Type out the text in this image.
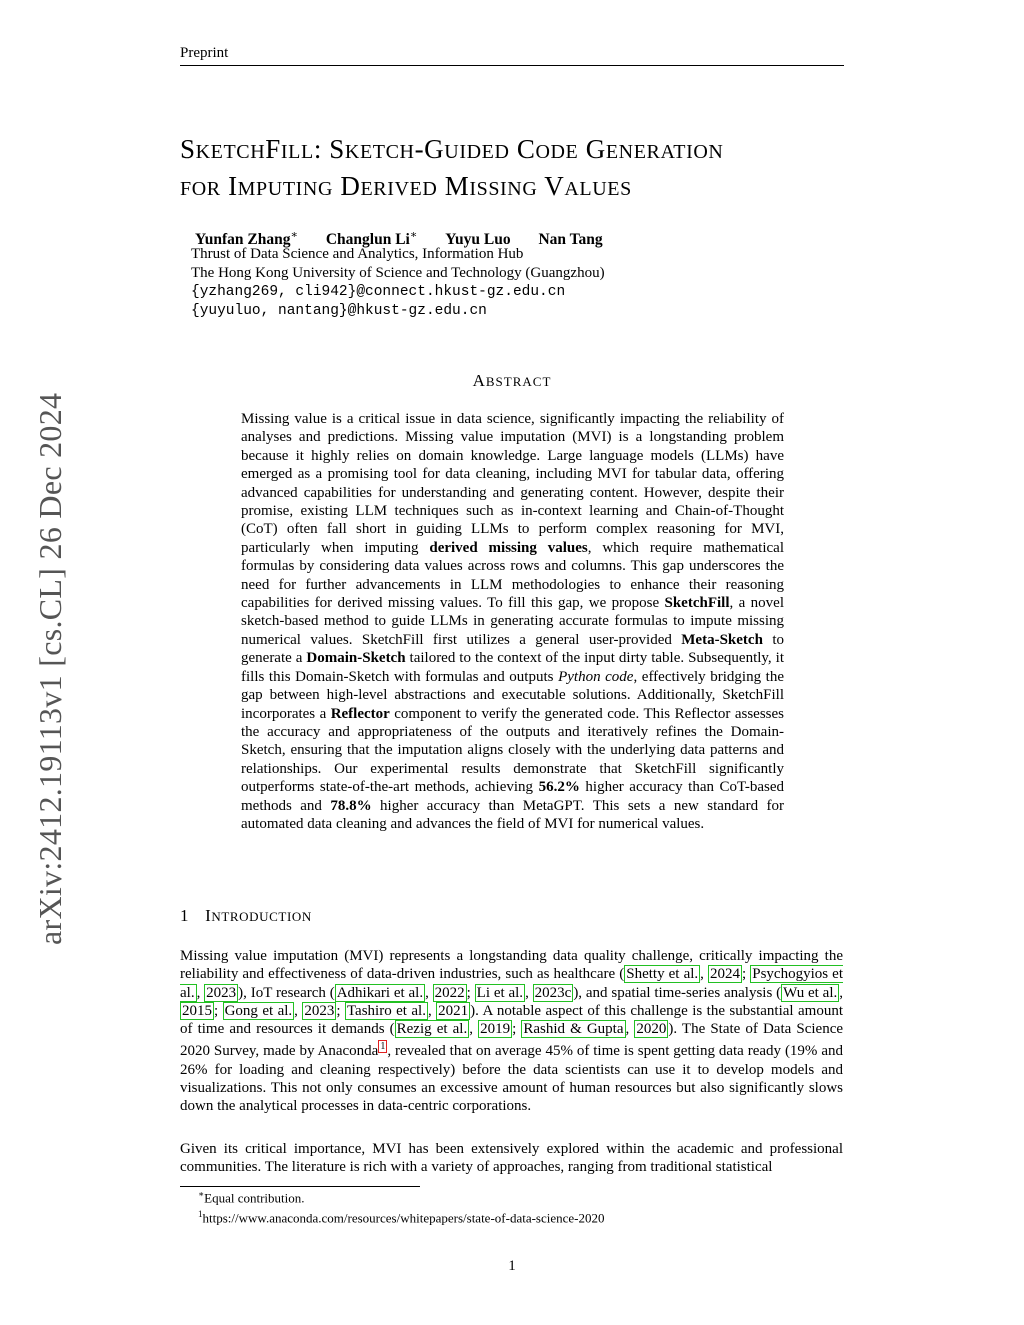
Preprint
arXiv:2412.19113v1 [cs.CL] 26 Dec 2024
SKETCHFILL: SKETCH-GUIDED CODE GENERATION
FOR IMPUTING DERIVED MISSING VALUES
Yunfan Zhang∗ Changlun Li∗ Yuyu Luo Nan Tang
Thrust of Data Science and Analytics, Information Hub
The Hong Kong University of Science and Technology (Guangzhou)
{yzhang269, cli942}@connect.hkust-gz.edu.cn
{yuyuluo, nantang}@hkust-gz.edu.cn
ABSTRACT
Missing value is a critical issue in data science, significantly impacting the reliability of analyses and predictions. Missing value imputation (MVI) is a longstanding problem because it highly relies on domain knowledge. Large language models (LLMs) have emerged as a promising tool for data cleaning, including MVI for tabular data, offering advanced capabilities for understanding and generating content. However, despite their promise, existing LLM techniques such as in-context learning and Chain-of-Thought (CoT) often fall short in guiding LLMs to perform complex reasoning for MVI, particularly when imputing derived missing values, which require mathematical formulas by considering data values across rows and columns. This gap underscores the need for further advancements in LLM methodologies to enhance their reasoning capabilities for derived missing values. To fill this gap, we propose SketchFill, a novel sketch-based method to guide LLMs in generating accurate formulas to impute missing numerical values. SketchFill first utilizes a general user-provided Meta-Sketch to generate a Domain-Sketch tailored to the context of the input dirty table. Subsequently, it fills this Domain-Sketch with formulas and outputs Python code, effectively bridging the gap between high-level abstractions and executable solutions. Additionally, SketchFill incorporates a Reflector component to verify the generated code. This Reflector assesses the accuracy and appropriateness of the outputs and iteratively refines the Domain-Sketch, ensuring that the imputation aligns closely with the underlying data patterns and relationships. Our experimental results demonstrate that SketchFill significantly outperforms state-of-the-art methods, achieving 56.2% higher accuracy than CoT-based methods and 78.8% higher accuracy than MetaGPT. This sets a new standard for automated data cleaning and advances the field of MVI for numerical values.
1 INTRODUCTION
Missing value imputation (MVI) represents a longstanding data quality challenge, critically impacting the reliability and effectiveness of data-driven industries, such as healthcare ( Shetty et al. , 2024 ; Psychogyios et al. , 2023 ), IoT research ( Adhikari et al. , 2022 ; Li et al. , 2023c ), and spatial time-series analysis ( Wu et al. , 2015 ; Gong et al. , 2023 ; Tashiro et al. , 2021 ). A notable aspect of this challenge is the substantial amount of time and resources it demands ( Rezig et al. , 2019 ; Rashid & Gupta , 2020 ). The State of Data Science 2020 Survey, made by Anaconda $^1$ , revealed that on average 45% of time is spent getting data ready (19% and 26% for loading and cleaning respectively) before the data scientists can use it to develop models and visualizations. This not only consumes an excessive amount of human resources but also significantly slows down the analytical processes in data-centric corporations.
Given its critical importance, MVI has been extensively explored within the academic and professional communities. The literature is rich with a variety of approaches, ranging from traditional statistical
∗Equal contribution.
$^1$https://www.anaconda.com/resources/whitepapers/state-of-data-science-2020
1
